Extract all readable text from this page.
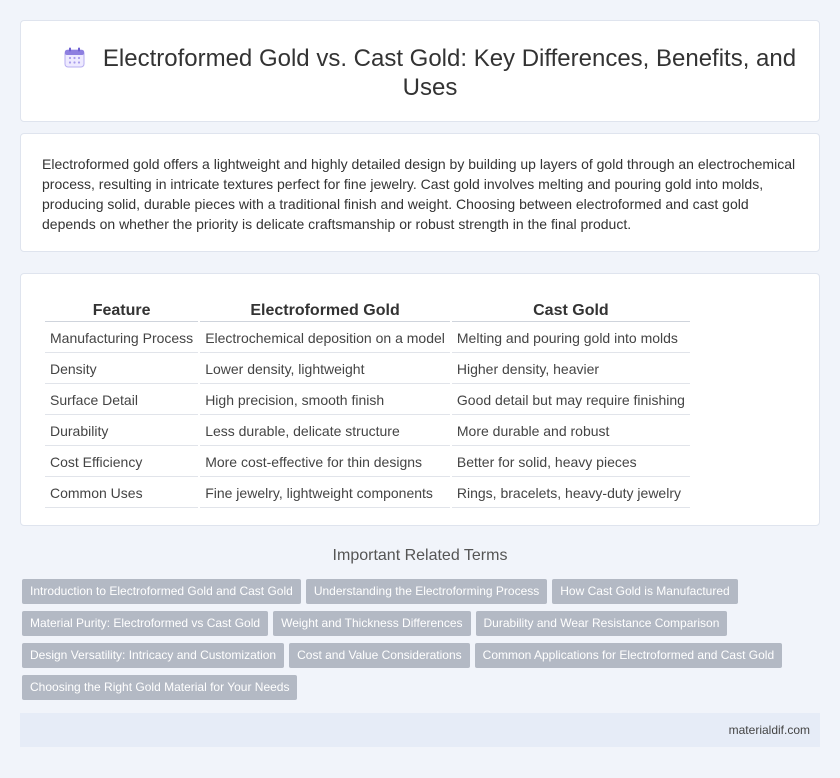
Electroformed Gold vs. Cast Gold: Key Differences, Benefits, and Uses

Electroformed gold offers a lightweight and highly detailed design by building up layers of gold through an electrochemical process, resulting in intricate textures perfect for fine jewelry. Cast gold involves melting and pouring gold into molds, producing solid, durable pieces with a traditional finish and weight. Choosing between electroformed and cast gold depends on whether the priority is delicate craftsmanship or robust strength in the final product.

Feature	Electroformed Gold	Cast Gold
Manufacturing Process	Electrochemical deposition on a model	Melting and pouring gold into molds
Density	Lower density, lightweight	Higher density, heavier
Surface Detail	High precision, smooth finish	Good detail but may require finishing
Durability	Less durable, delicate structure	More durable and robust
Cost Efficiency	More cost-effective for thin designs	Better for solid, heavy pieces
Common Uses	Fine jewelry, lightweight components	Rings, bracelets, heavy-duty jewelry
Important Related Terms
Introduction to Electroformed Gold and Cast Gold Understanding the Electroforming Process How Cast Gold is Manufactured
Material Purity: Electroformed vs Cast Gold Weight and Thickness Differences Durability and Wear Resistance Comparison
Design Versatility: Intricacy and Customization Cost and Value Considerations Common Applications for Electroformed and Cast Gold
Choosing the Right Gold Material for Your Needs
materialdif.com
